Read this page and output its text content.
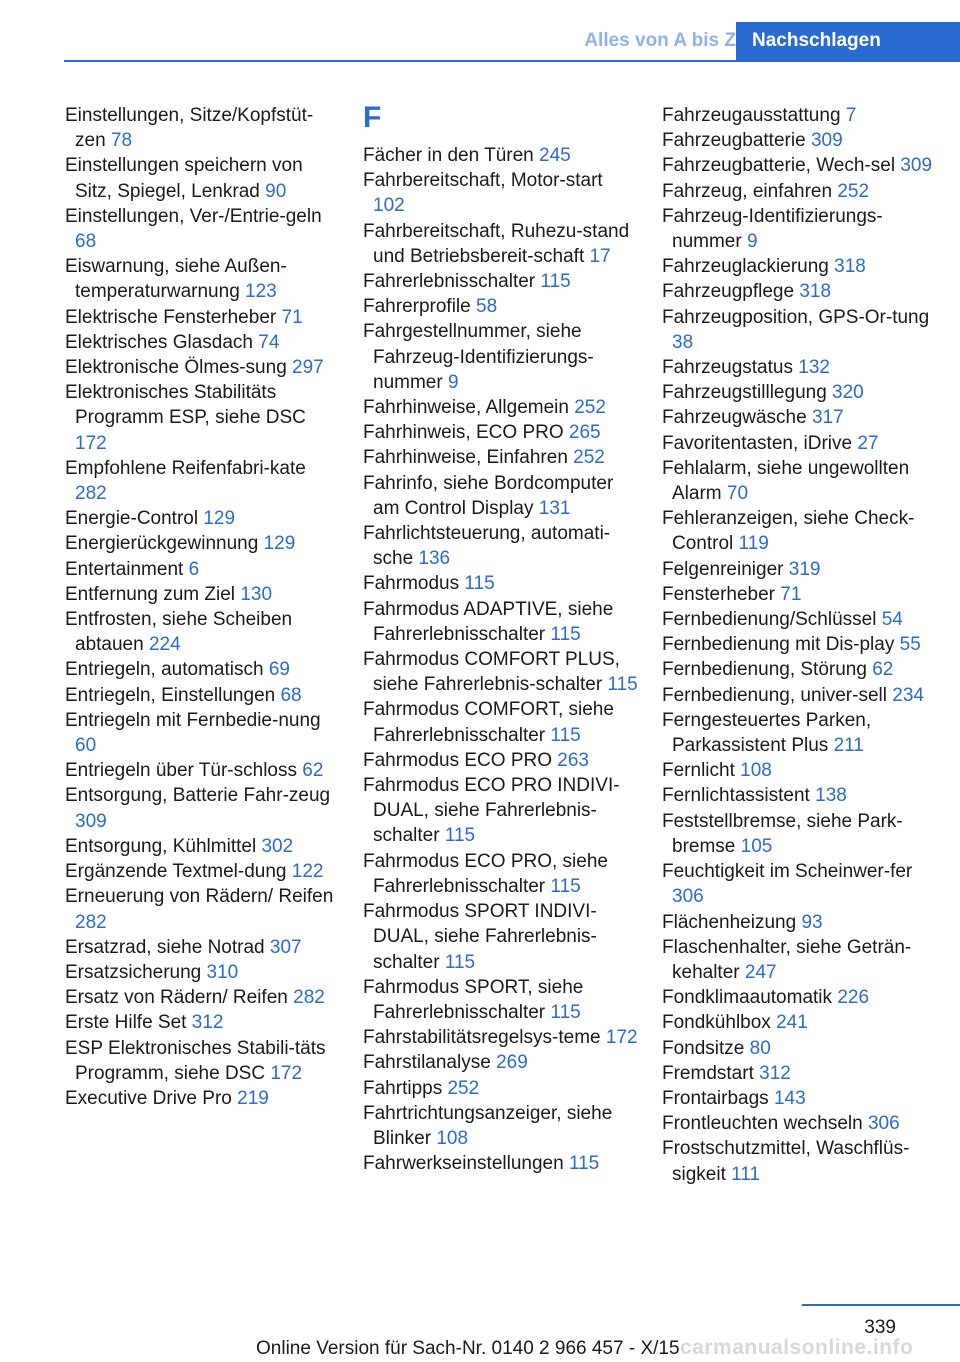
Alles von A bis Z Nachschlagen

Einstellungen, Sitze/Kopfstüt-zen 78

Einstellungen speichern von Sitz, Spiegel, Lenkrad 90

Einstellungen, Ver-/Entrie-geln 68

Eiswarnung, siehe Außen-temperaturwarnung 123

Elektrische Fensterheber 71

Elektrisches Glasdach 74

Elektronische Ölmes-sung 297

Elektronisches Stabilitäts Programm ESP, siehe DSC 172

Empfohlene Reifenfabri-kate 282

Energie-Control 129

Energierückgewinnung 129

Entertainment 6

Entfernung zum Ziel 130

Entfrosten, siehe Scheiben abtauen 224

Entriegeln, automatisch 69

Entriegeln, Einstellungen 68

Entriegeln mit Fernbedie-nung 60

Entriegeln über Tür-schloss 62

Entsorgung, Batterie Fahr-zeug 309

Entsorgung, Kühlmittel 302

Ergänzende Textmel-dung 122

Erneuerung von Rädern/ Reifen 282

Ersatzrad, siehe Notrad 307

Ersatzsicherung 310

Ersatz von Rädern/ Reifen 282

Erste Hilfe Set 312

ESP Elektronisches Stabili-täts Programm, siehe DSC 172

Executive Drive Pro 219

F

Fächer in den Türen 245

Fahrbereitschaft, Motor-start 102

Fahrbereitschaft, Ruhezu-stand und Betriebsbereit-schaft 17

Fahrerlebnisschalter 115

Fahrerprofile 58

Fahrgestellnummer, siehe Fahrzeug-Identifizierungs-nummer 9

Fahrhinweise, Allgemein 252

Fahrhinweis, ECO PRO 265

Fahrhinweise, Einfahren 252

Fahrinfo, siehe Bordcomputer am Control Display 131

Fahrlichtsteuerung, automati-sche 136

Fahrmodus 115

Fahrmodus ADAPTIVE, siehe Fahrerlebnisschalter 115

Fahrmodus COMFORT PLUS, siehe Fahrerlebnis-schalter 115

Fahrmodus COMFORT, siehe Fahrerlebnisschalter 115

Fahrmodus ECO PRO 263

Fahrmodus ECO PRO INDIVI-DUAL, siehe Fahrerlebnis-schalter 115

Fahrmodus ECO PRO, siehe Fahrerlebnisschalter 115

Fahrmodus SPORT INDIVI-DUAL, siehe Fahrerlebnis-schalter 115

Fahrmodus SPORT, siehe Fahrerlebnisschalter 115

Fahrstabilitätsregelsys-teme 172

Fahrstilanalyse 269

Fahrtipps 252

Fahrtrichtungsanzeiger, siehe Blinker 108

Fahrwerkseinstellungen 115

Fahrzeugausstattung 7

Fahrzeugbatterie 309

Fahrzeugbatterie, Wech-sel 309

Fahrzeug, einfahren 252

Fahrzeug-Identifizierungs-nummer 9

Fahrzeuglackierung 318

Fahrzeugpflege 318

Fahrzeugposition, GPS-Or-tung 38

Fahrzeugstatus 132

Fahrzeugstilllegung 320

Fahrzeugwäsche 317

Favoritentasten, iDrive 27

Fehlalarm, siehe ungewollten Alarm 70

Fehleranzeigen, siehe Check-Control 119

Felgenreiniger 319

Fensterheber 71

Fernbedienung/Schlüssel 54

Fernbedienung mit Dis-play 55

Fernbedienung, Störung 62

Fernbedienung, univer-sell 234

Ferngesteuertes Parken, Parkassistent Plus 211

Fernlicht 108

Fernlichtassistent 138

Feststellbremse, siehe Park-bremse 105

Feuchtigkeit im Scheinwer-fer 306

Flächenheizung 93

Flaschenhalter, siehe Geträn-kehalter 247

Fondklimaautomatik 226

Fondkühlbox 241

Fondsitze 80

Fremdstart 312

Frontairbags 143

Frontleuchten wechseln 306

Frostschutzmittel, Waschflüs-sigkeit 111

339
Online Version für Sach-Nr. 0140 2 966 457 - X/15 carmanualsonline.info
